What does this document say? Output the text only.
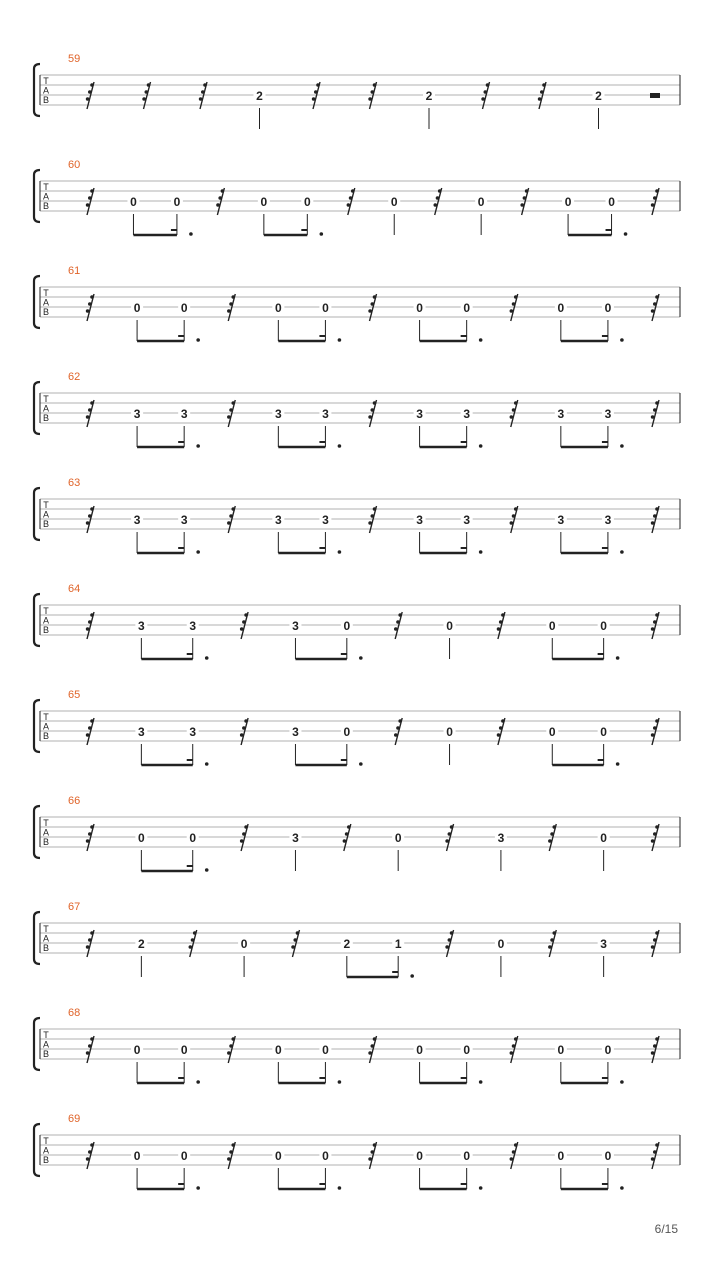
59
T
A
B	2	2	2
60
T
A
B	0	0	0	0	0	0	0	0
61
T
A
B	0	0	0	0	0	0	0	0
62
T
A
B	3	3	3	3	3	3	3	3
63
T
A
B	3	3	3	3	3	3	3	3
64
T
A
B	3	3	3	0	0	0	0
65
T
A
B	3	3	3	0	0	0	0
66
T
A
B	0	0	3	0	3	0
67
T
A
B	2	0	2	1	0	3
68
T
A
B	0	0	0	0	0	0	0	0
69
T
A
B	0	0	0	0	0	0	0	0
6/15
